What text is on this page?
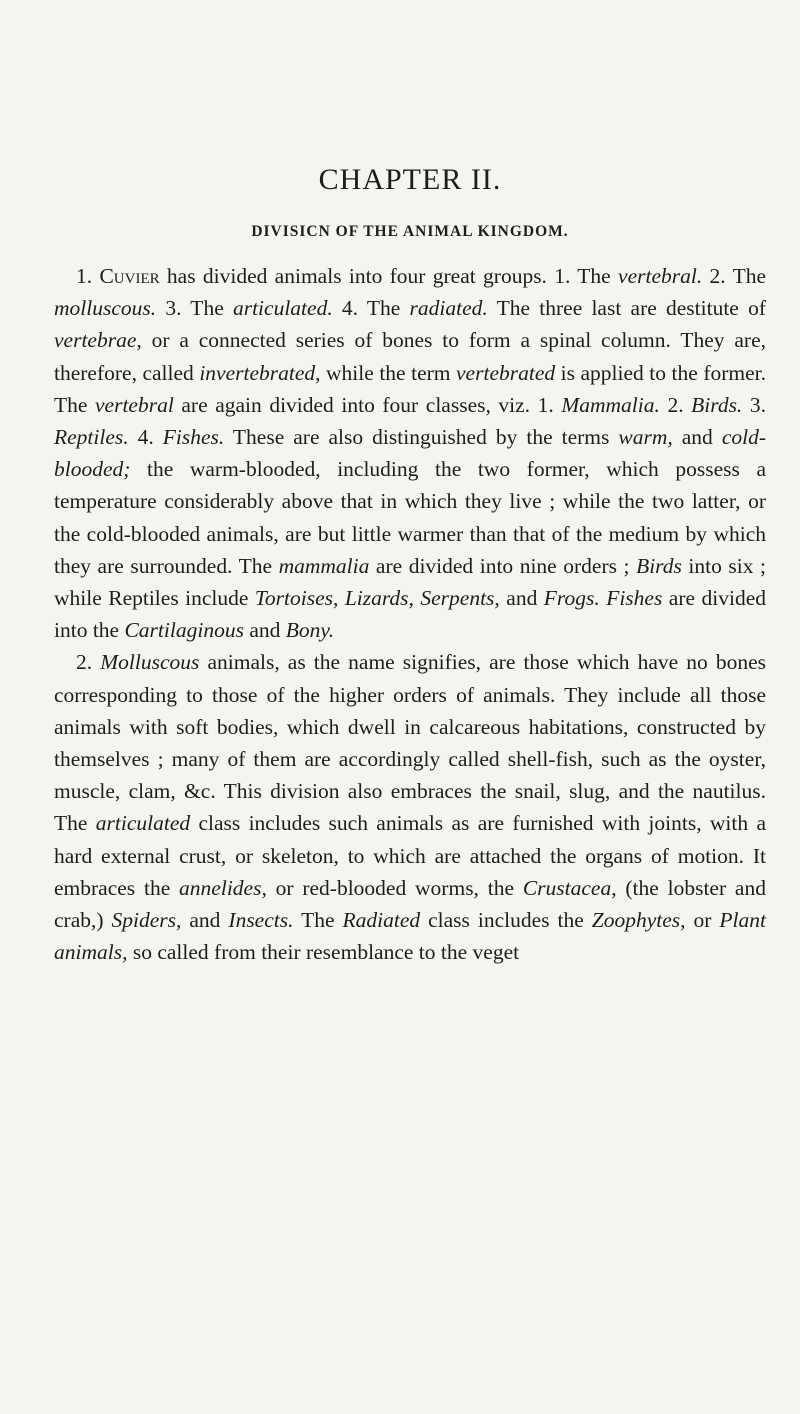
CHAPTER II.
DIVISICN OF THE ANIMAL KINGDOM.

1. Cuvier has divided animals into four great groups. 1. The vertebral. 2. The molluscous. 3. The articulated. 4. The radiated. The three last are destitute of vertebrae, or a connected series of bones to form a spinal column. They are, therefore, called invertebrated, while the term vertebrated is applied to the former. The vertebral are again divided into four classes, viz. 1. Mammalia. 2. Birds. 3. Reptiles. 4. Fishes. These are also distinguished by the terms warm, and cold-blooded; the warm-blooded, including the two former, which possess a temperature considerably above that in which they live ; while the two latter, or the cold-blooded animals, are but little warmer than that of the medium by which they are surrounded. The mammalia are divided into nine orders ; Birds into six ; while Reptiles include Tortoises, Lizards, Serpents, and Frogs. Fishes are divided into the Cartilaginous and Bony.

2. Molluscous animals, as the name signifies, are those which have no bones corresponding to those of the higher orders of animals. They include all those animals with soft bodies, which dwell in calcareous habitations, constructed by themselves ; many of them are accordingly called shell-fish, such as the oyster, muscle, clam, &c. This division also embraces the snail, slug, and the nautilus. The articulated class includes such animals as are furnished with joints, with a hard external crust, or skeleton, to which are attached the organs of motion. It embraces the annelides, or red-blooded worms, the Crustacea, (the lobster and crab,) Spiders, and Insects. The Radiated class includes the Zoophytes, or Plant animals, so called from their resemblance to the veget
